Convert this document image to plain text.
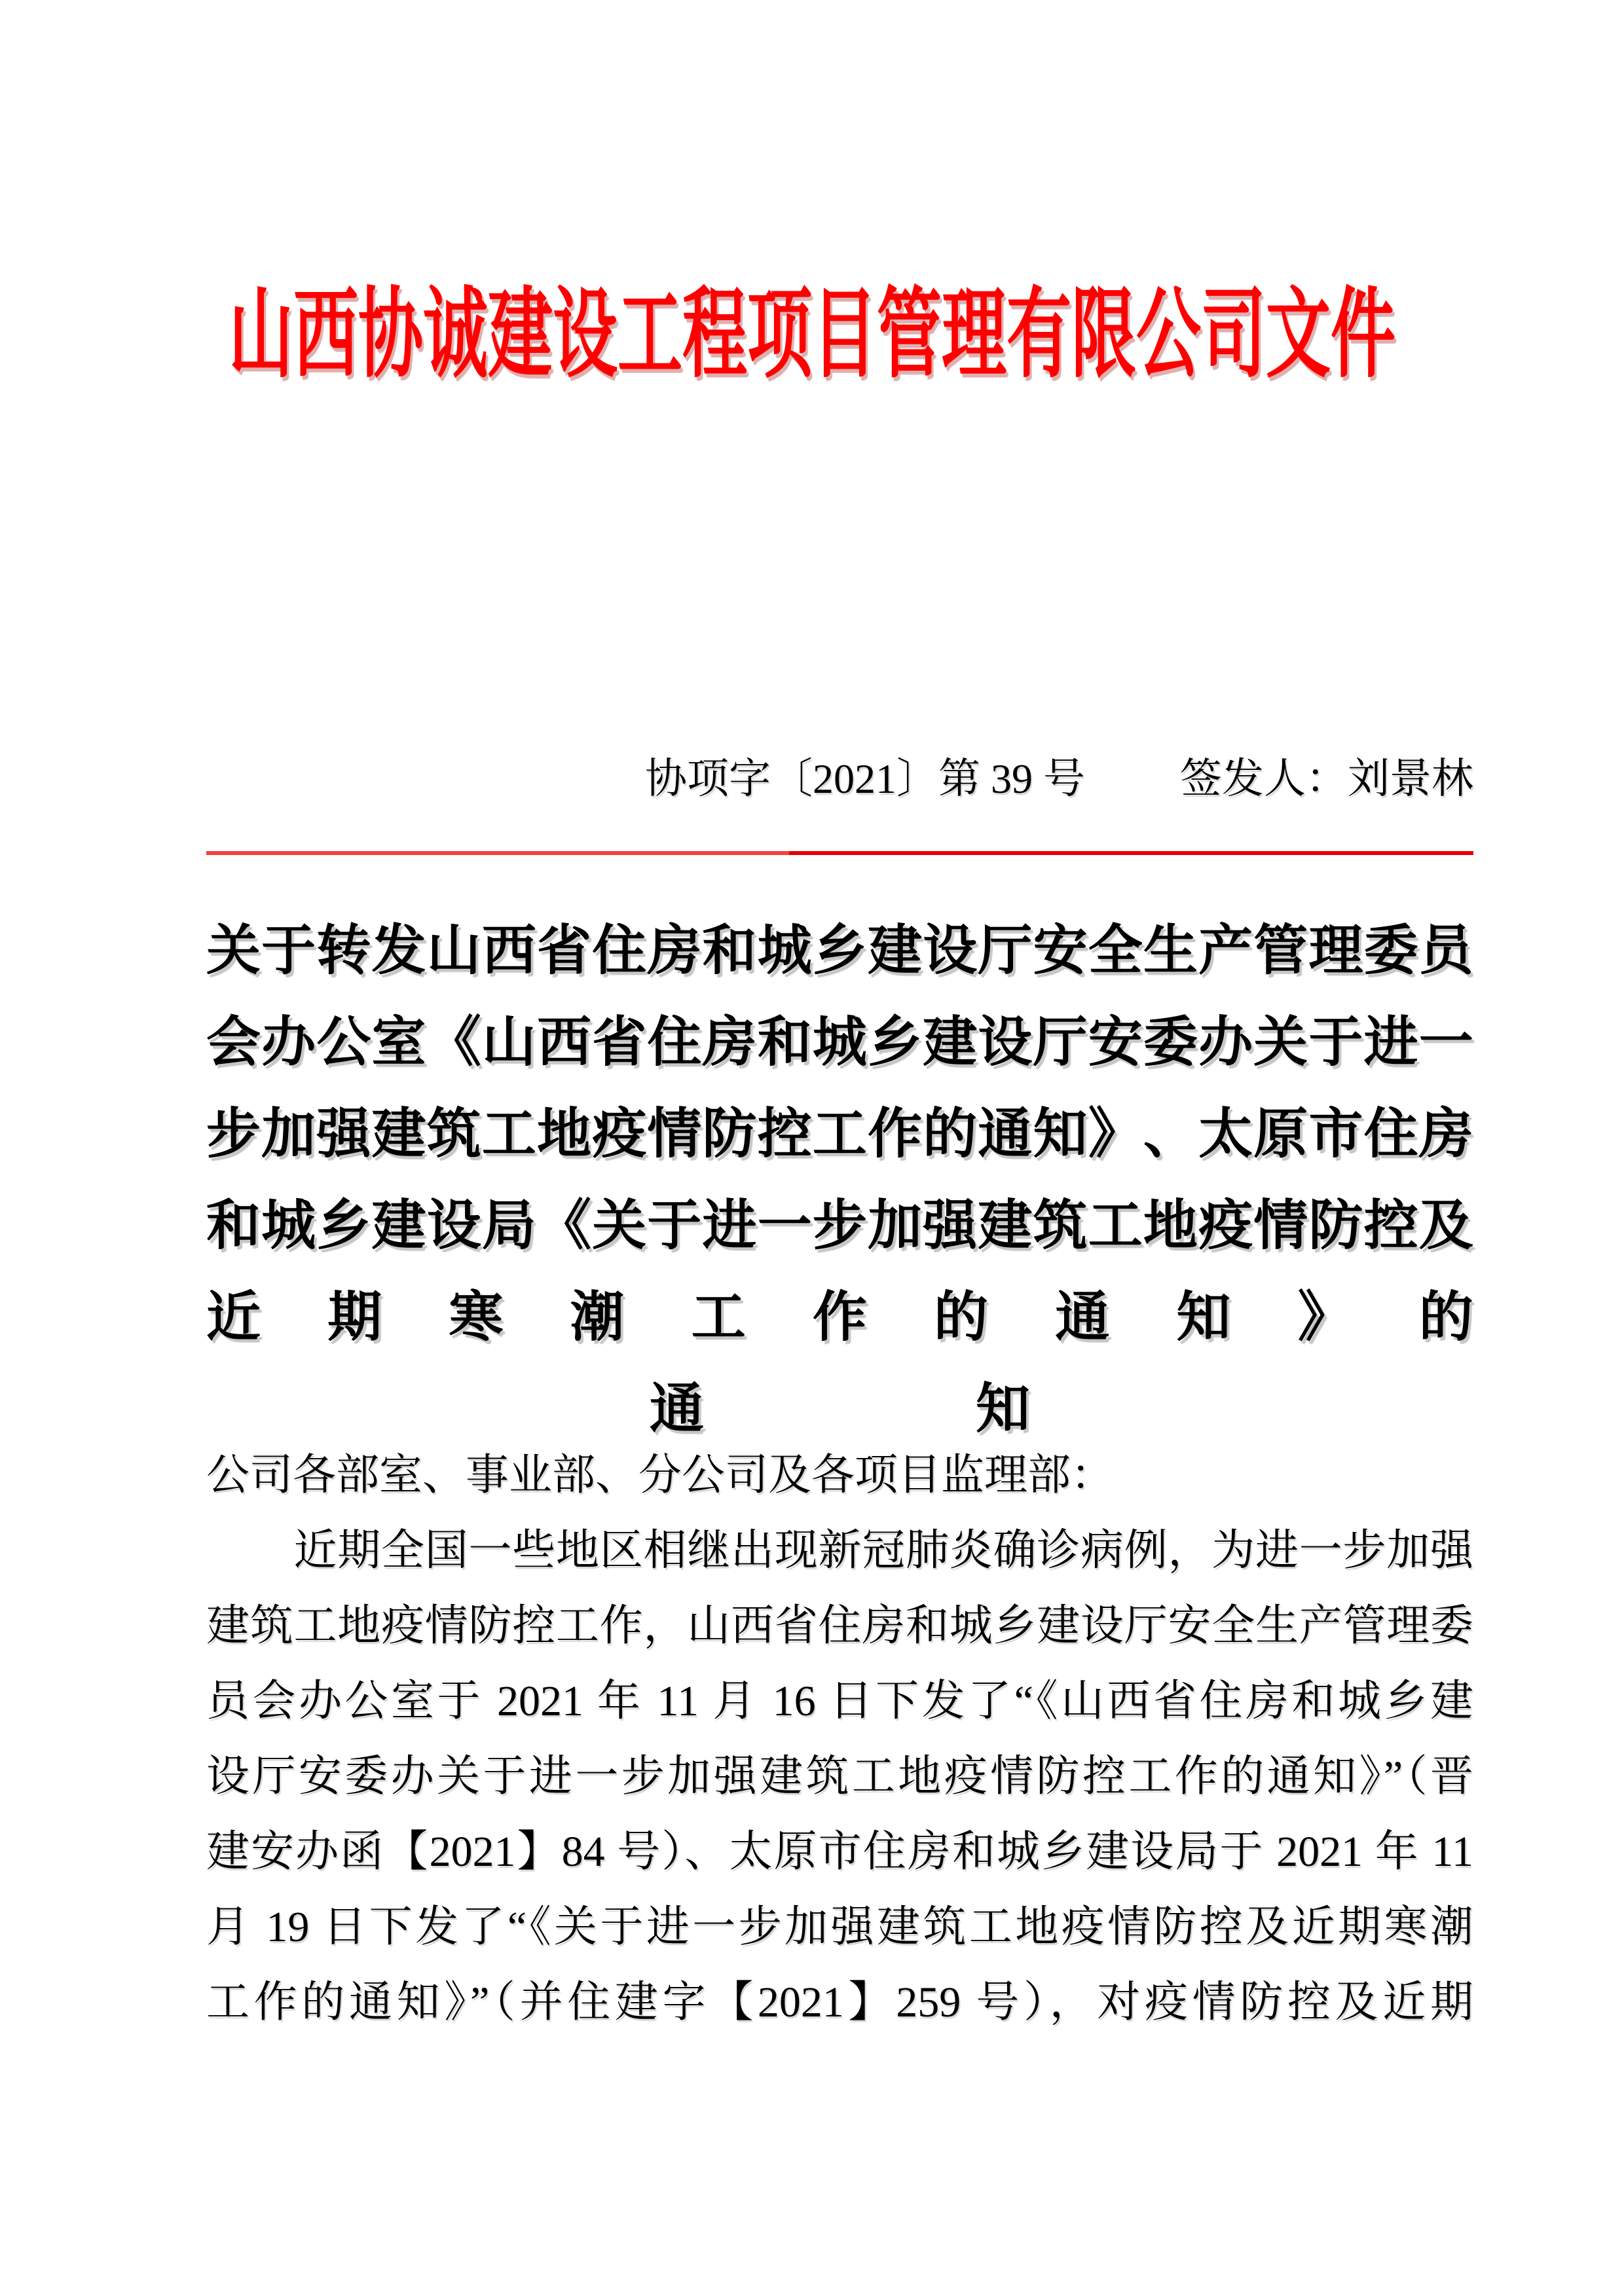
山西协诚建设工程项目管理有限公司文件
协项字〔2021〕第 39 号 签发人：刘景林
关 于 转 发 山 西 省 住 房 和 城 乡 建 设 厅 安 全 生 产 管 理 委 员
会 办 公 室 《 山 西 省 住 房 和 城 乡 建 设 厅 安 委 办 关 于 进 一
步 加 强 建 筑 工 地 疫 情 防 控 工 作 的 通 知 》 、 太 原 市 住 房
和 城 乡 建 设 局 《 关 于 进 一 步 加 强 建 筑 工 地 疫 情 防 控 及
近 期 寒 潮 工 作 的 通 知 》 的
通　　　　　知
公司各部室、事业部、分公司及各项目监理部：
　　近期全国一些地区相继出现新冠肺炎确诊病例，为进一步加强
建筑工地疫情防控工作，山西省住房和城乡建设厅安全生产管理委
员会办公室于 2021 年 11 月 16 日下发了“《山西省住房和城乡建
设厅安委办关于进一步加强建筑工地疫情防控工作的通知》”（晋
建安办函【2021】84 号）、太原市住房和城乡建设局于 2021 年 11
月 19 日下发了“《关于进一步加强建筑工地疫情防控及近期寒潮
工作的通知》”（并住建字【2021】259 号），对疫情防控及近期
